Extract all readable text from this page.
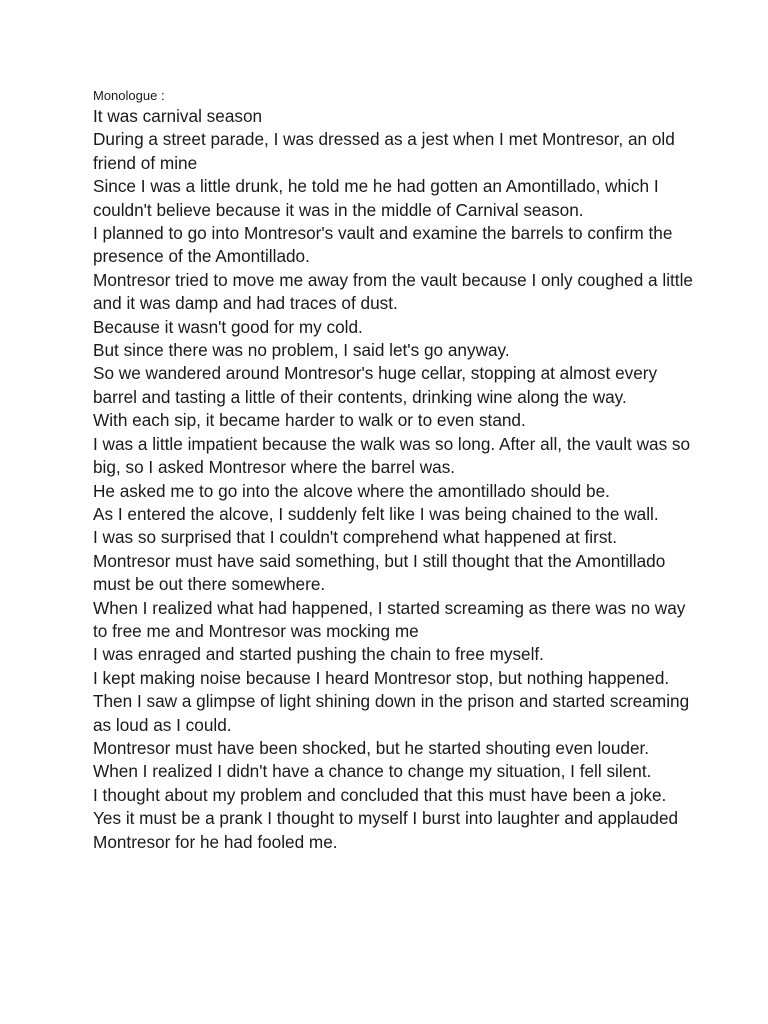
Monologue :

It was carnival season

During a street parade, I was dressed as a jest when I met Montresor, an old friend of mine

Since I was a little drunk, he told me he had gotten an Amontillado, which I couldn't believe because it was in the middle of Carnival season.

I planned to go into Montresor's vault and examine the barrels to confirm the presence of the Amontillado.

Montresor tried to move me away from the vault because I only coughed a little and it was damp and had traces of dust.

Because it wasn't good for my cold.

But since there was no problem, I said let's go anyway.

So we wandered around Montresor's huge cellar, stopping at almost every barrel and tasting a little of their contents, drinking wine along the way.

With each sip, it became harder to walk or to even stand.

I was a little impatient because the walk was so long. After all, the vault was so big, so I asked Montresor where the barrel was.

He asked me to go into the alcove where the amontillado should be.

As I entered the alcove, I suddenly felt like I was being chained to the wall.

I was so surprised that I couldn't comprehend what happened at first.

Montresor must have said something, but I still thought that the Amontillado must be out there somewhere.

When I realized what had happened, I started screaming as there was no way to free me and Montresor was mocking me

I was enraged and started pushing the chain to free myself.

I kept making noise because I heard Montresor stop, but nothing happened.

Then I saw a glimpse of light shining down in the prison and started screaming as loud as I could.

Montresor must have been shocked, but he started shouting even louder.

When I realized I didn't have a chance to change my situation, I fell silent.

I thought about my problem and concluded that this must have been a joke. Yes it must be a prank I thought to myself I burst into laughter and applauded Montresor for he had fooled me.
